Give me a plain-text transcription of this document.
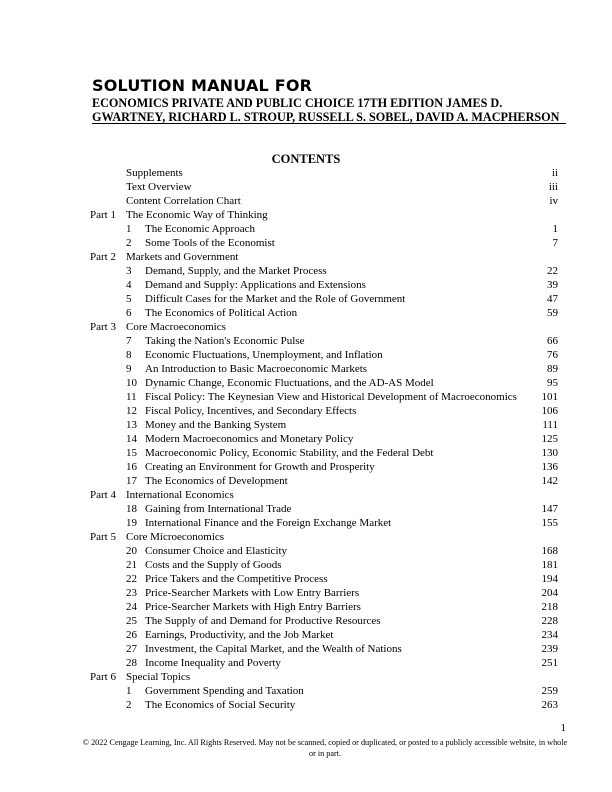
SOLUTION MANUAL FOR
ECONOMICS PRIVATE AND PUBLIC CHOICE 17TH EDITION JAMES D. GWARTNEY, RICHARD L. STROUP, RUSSELL S. SOBEL, DAVID A. MACPHERSON
CONTENTS
Supplements	ii
Text Overview	iii
Content Correlation Chart	iv
Part 1 The Economic Way of Thinking
1 The Economic Approach	1
2 Some Tools of the Economist	7
Part 2 Markets and Government
3 Demand, Supply, and the Market Process	22
4 Demand and Supply: Applications and Extensions	39
5 Difficult Cases for the Market and the Role of Government	47
6 The Economics of Political Action	59
Part 3 Core Macroeconomics
7 Taking the Nation's Economic Pulse	66
8 Economic Fluctuations, Unemployment, and Inflation	76
9 An Introduction to Basic Macroeconomic Markets	89
10 Dynamic Change, Economic Fluctuations, and the AD-AS Model	95
11 Fiscal Policy: The Keynesian View and Historical Development of Macroeconomics 101
12 Fiscal Policy, Incentives, and Secondary Effects	106
13 Money and the Banking System	111
14 Modern Macroeconomics and Monetary Policy	125
15 Macroeconomic Policy, Economic Stability, and the Federal Debt	130
16 Creating an Environment for Growth and Prosperity	136
17 The Economics of Development	142
Part 4 International Economics
18 Gaining from International Trade	147
19 International Finance and the Foreign Exchange Market	155
Part 5 Core Microeconomics
20 Consumer Choice and Elasticity	168
21 Costs and the Supply of Goods	181
22 Price Takers and the Competitive Process	194
23 Price-Searcher Markets with Low Entry Barriers	204
24 Price-Searcher Markets with High Entry Barriers	218
25 The Supply of and Demand for Productive Resources	228
26 Earnings, Productivity, and the Job Market	234
27 Investment, the Capital Market, and the Wealth of Nations	239
28 Income Inequality and Poverty	251
Part 6 Special Topics
1 Government Spending and Taxation	259
2 The Economics of Social Security	263
1
© 2022 Cengage Learning, Inc. All Rights Reserved. May not be scanned, copied or duplicated, or posted to a publicly accessible website, in whole or in part.
